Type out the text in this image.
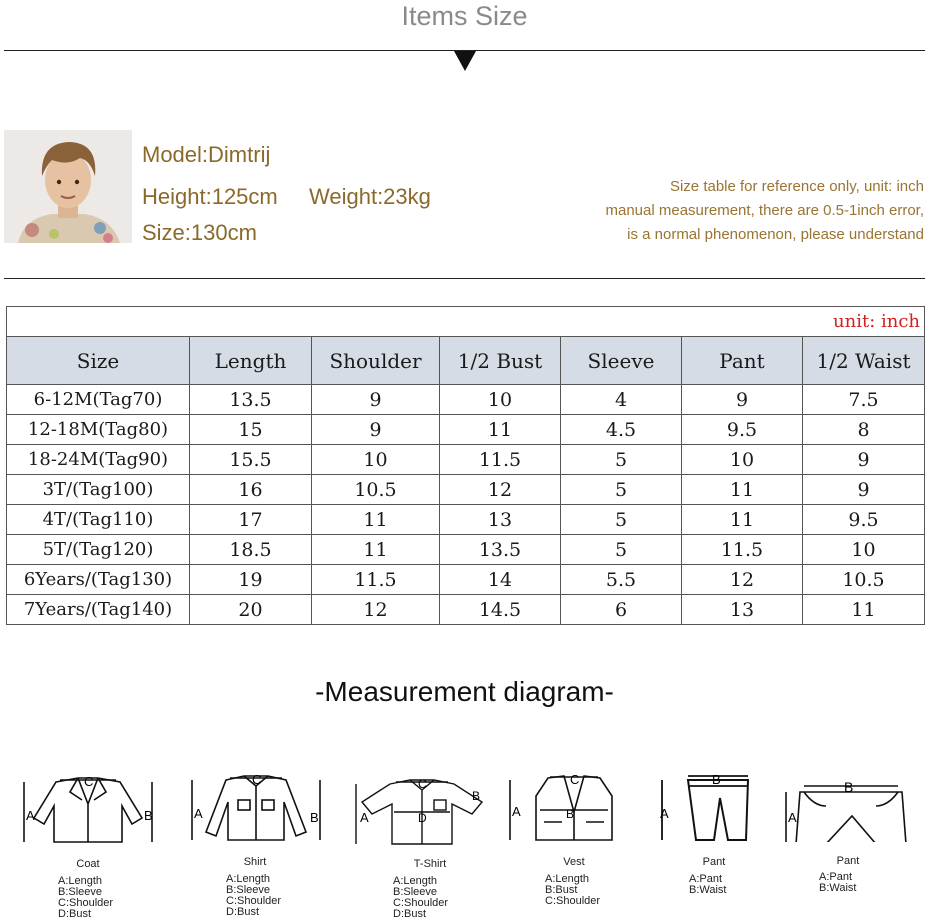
Items Size
Model:Dimtrij
Height:125cm Weight:23kg
Size:130cm
Size table for reference only, unit: inch
manual measurement, there are 0.5-1inch error,
is a normal phenomenon, please understand
unit: inch						
Size	Length	Shoulder	1/2 Bust	Sleeve	Pant	1/2 Waist
6-12M(Tag70)	13.5	9	10	4	9	7.5
12-18M(Tag80)	15	9	11	4.5	9.5	8
18-24M(Tag90)	15.5	10	11.5	5	10	9
3T/(Tag100)	16	10.5	12	5	11	9
4T/(Tag110)	17	11	13	5	11	9.5
5T/(Tag120)	18.5	11	13.5	5	11.5	10
6Years/(Tag130)	19	11.5	14	5.5	12	10.5
7Years/(Tag140)	20	12	14.5	6	13	11
-Measurement diagram-
A	B
C
Coat
A:Length
B:Sleeve
C:Shoulder
D:Bust
A	B
C
Shirt
A:Length
B:Sleeve
C:Shoulder
D:Bust
A
B
C
D
T-Shirt
A:Length
B:Sleeve
C:Shoulder
D:Bust
A	B
C
Vest
A:Length
B:Bust
C:Shoulder
A
B
Pant
A:Pant
B:Waist
A
B
Pant
A:Pant
B:Waist
